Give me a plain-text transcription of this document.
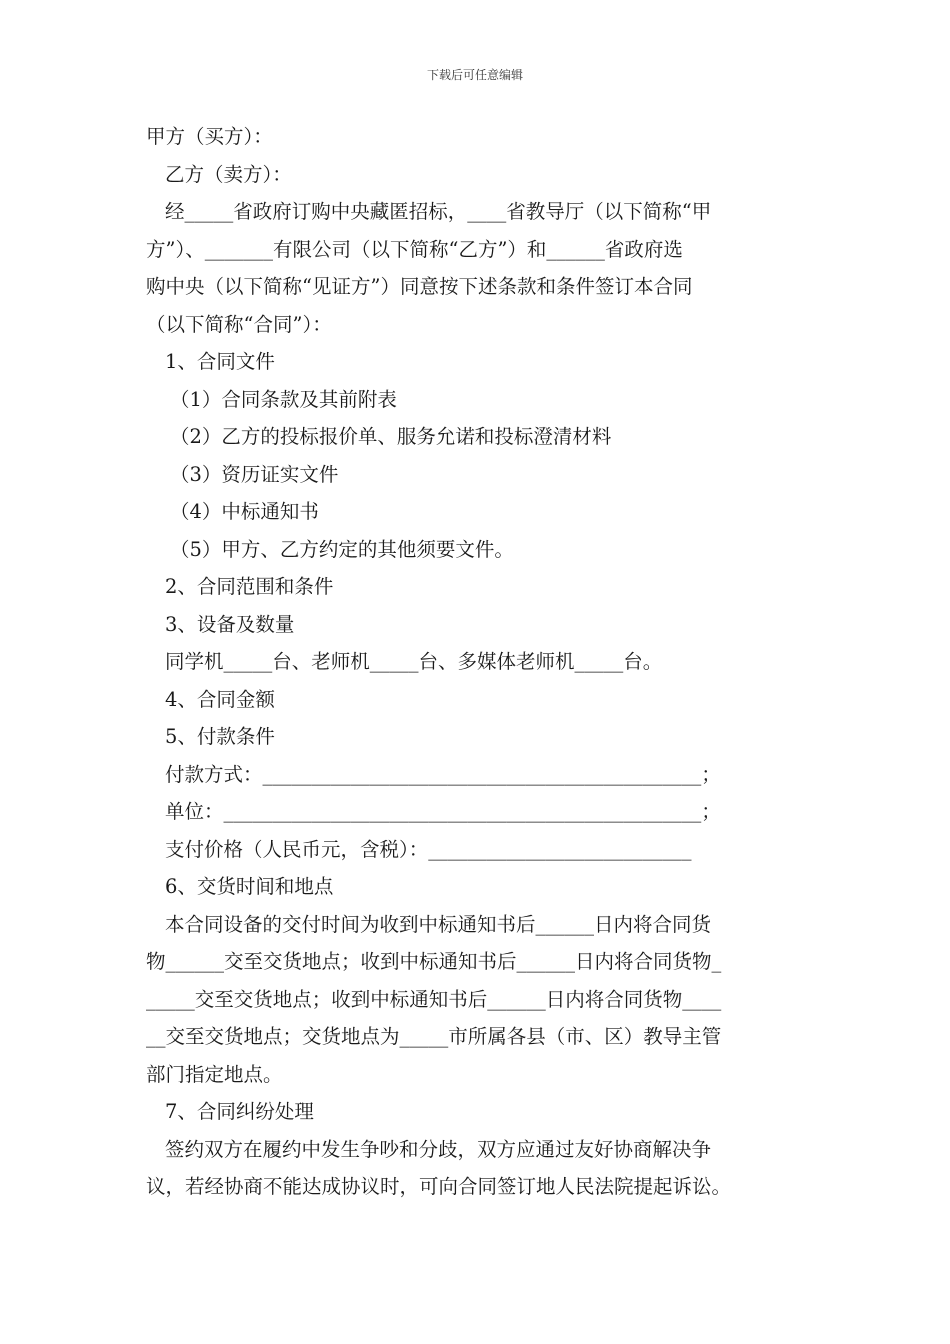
下载后可任意编辑

甲方（买方）：

乙方（卖方）：

经_____省政府订购中央藏匿招标，____省教导厅（以下简称“甲

方”）、_______有限公司（以下简称“乙方”）和______省政府选

购中央（以下简称“见证方”）同意按下述条款和条件签订本合同

（以下简称“合同”）：

1、合同文件

（1）合同条款及其前附表

（2）乙方的投标报价单、服务允诺和投标澄清材料

（3）资历证实文件

（4）中标通知书

（5）甲方、乙方约定的其他须要文件。

2、合同范围和条件

3、设备及数量

同学机_____台、老师机_____台、多媒体老师机_____台。

4、合同金额

5、付款条件

付款方式：_____________________________________________；

单位：_________________________________________________；

支付价格（人民币元，含税）：___________________________

6、交货时间和地点

本合同设备的交付时间为收到中标通知书后______日内将合同货

物______交至交货地点；收到中标通知书后______日内将合同货物_

_____交至交货地点；收到中标通知书后______日内将合同货物____

__交至交货地点；交货地点为_____市所属各县（市、区）教导主管

部门指定地点。

7、合同纠纷处理

签约双方在履约中发生争吵和分歧，双方应通过友好协商解决争

议，若经协商不能达成协议时，可向合同签订地人民法院提起诉讼。
